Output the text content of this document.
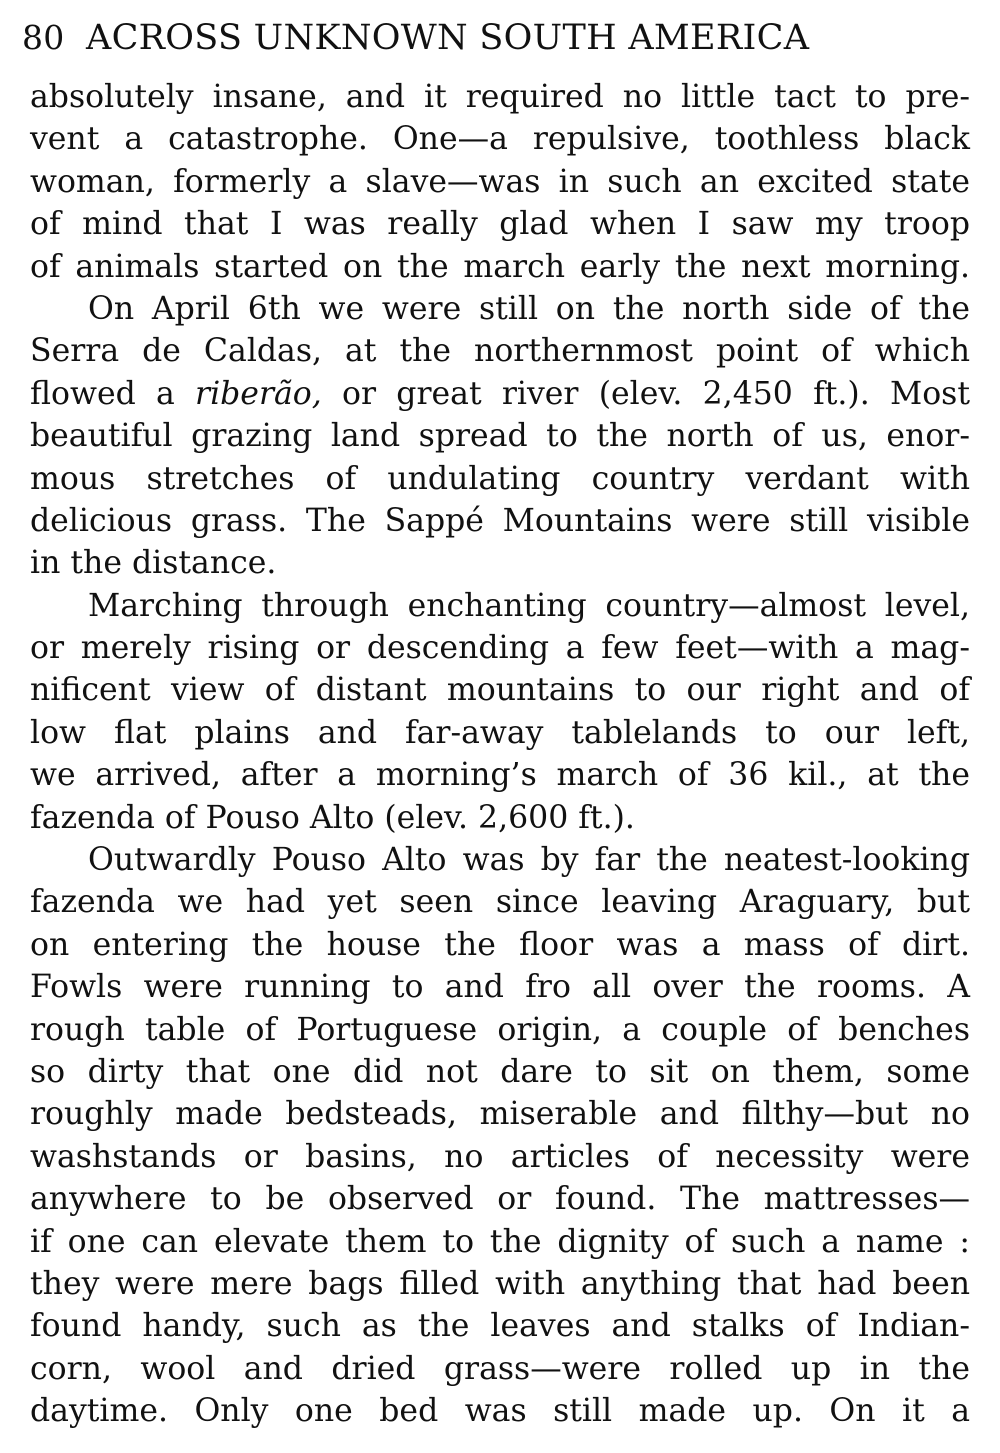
80 ACROSS UNKNOWN SOUTH AMERICA
absolutely insane, and it required no little tact to pre-
vent a catastrophe. One—a repulsive, toothless black
woman, formerly a slave—was in such an excited state
of mind that I was really glad when I saw my troop
of animals started on the march early the next morning.
On April 6th we were still on the north side of the
Serra de Caldas, at the northernmost point of which
flowed a riberão, or great river (elev. 2,450 ft.). Most
beautiful grazing land spread to the north of us, enor-
mous stretches of undulating country verdant with
delicious grass. The Sappé Mountains were still visible
in the distance.
Marching through enchanting country—almost level,
or merely rising or descending a few feet—with a mag-
nificent view of distant mountains to our right and of
low flat plains and far-away tablelands to our left,
we arrived, after a morning’s march of 36 kil., at the
fazenda of Pouso Alto (elev. 2,600 ft.).
Outwardly Pouso Alto was by far the neatest-looking
fazenda we had yet seen since leaving Araguary, but
on entering the house the floor was a mass of dirt.
Fowls were running to and fro all over the rooms. A
rough table of Portuguese origin, a couple of benches
so dirty that one did not dare to sit on them, some
roughly made bedsteads, miserable and filthy—but no
washstands or basins, no articles of necessity were
anywhere to be observed or found. The mattresses—
if one can elevate them to the dignity of such a name :
they were mere bags filled with anything that had been
found handy, such as the leaves and stalks of Indian-
corn, wool and dried grass—were rolled up in the
daytime. Only one bed was still made up. On it a
